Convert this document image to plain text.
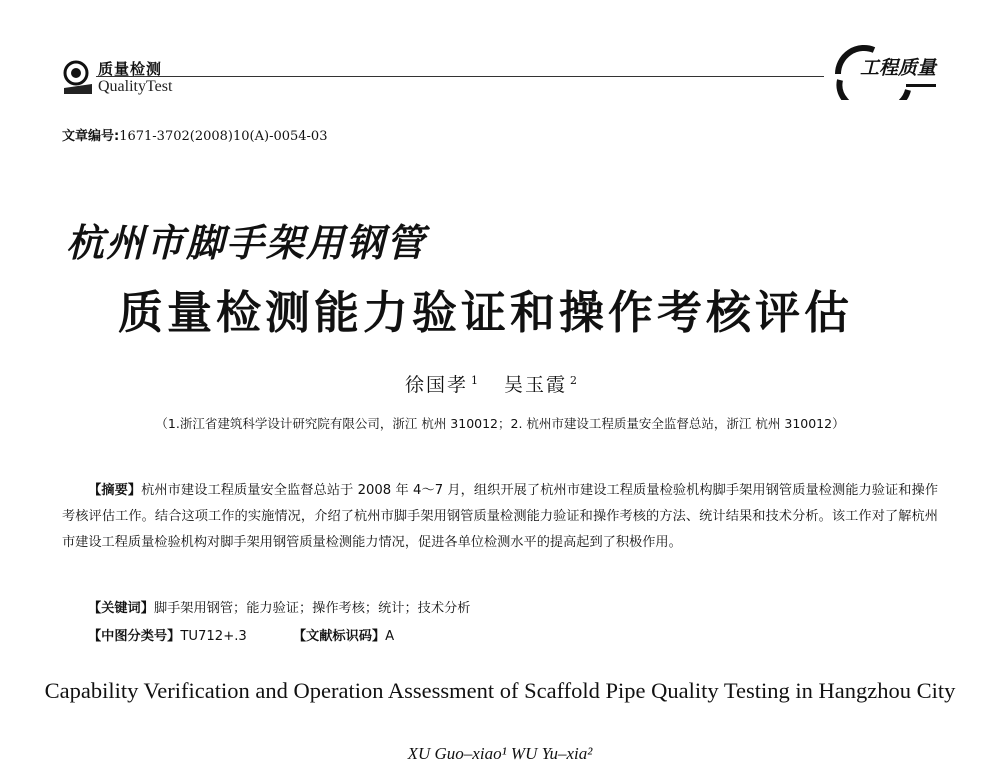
质量检测
QualityTest
工程质量
文章编号:1671-3702(2008)10(A)-0054-03
杭州市脚手架用钢管
质量检测能力验证和操作考核评估
徐国孝 $^1$ 吴玉霞 $^2$
（1.浙江省建筑科学设计研究院有限公司，浙江 杭州 310012；2. 杭州市建设工程质量安全监督总站，浙江 杭州 310012）
【摘要】杭州市建设工程质量安全监督总站于 2008 年 4～7 月，组织开展了杭州市建设工程质量检验机构脚手架用钢管质量检测能力验证和操作考核评估工作。结合这项工作的实施情况，介绍了杭州市脚手架用钢管质量检测能力验证和操作考核的方法、统计结果和技术分析。该工作对了解杭州市建设工程质量检验机构对脚手架用钢管质量检测能力情况，促进各单位检测水平的提高起到了积极作用。
【关键词】脚手架用钢管；能力验证；操作考核；统计；技术分析
【中图分类号】TU712+.3	【文献标识码】A
Capability Verification and Operation Assessment of Scaffold Pipe Quality Testing in Hangzhou City
XU Guo–xiao¹ WU Yu–xia²
